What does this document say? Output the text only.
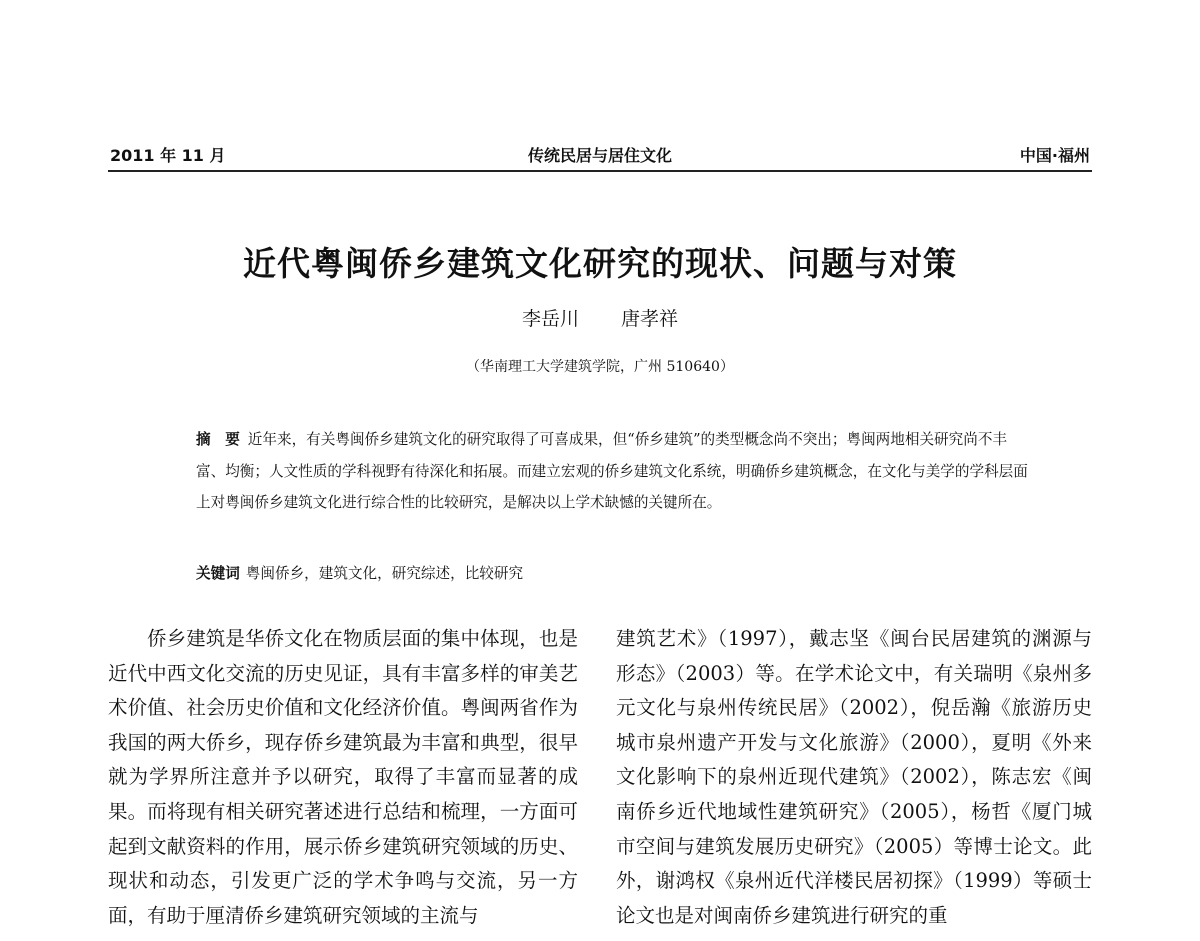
2011 年 11 月	传统民居与居住文化	中国·福州
近代粤闽侨乡建筑文化研究的现状、问题与对策
李岳川 唐孝祥
（华南理工大学建筑学院，广州 510640）
摘　要 近年来，有关粤闽侨乡建筑文化的研究取得了可喜成果，但“侨乡建筑”的类型概念尚不突出；粤闽两地相关研究尚不丰富、均衡；人文性质的学科视野有待深化和拓展。而建立宏观的侨乡建筑文化系统，明确侨乡建筑概念，在文化与美学的学科层面上对粤闽侨乡建筑文化进行综合性的比较研究，是解决以上学术缺憾的关键所在。
关键词 粤闽侨乡，建筑文化，研究综述，比较研究
侨乡建筑是华侨文化在物质层面的集中体现，也是近代中西文化交流的历史见证，具有丰富多样的审美艺术价值、社会历史价值和文化经济价值。粤闽两省作为我国的两大侨乡，现存侨乡建筑最为丰富和典型，很早就为学界所注意并予以研究，取得了丰富而显著的成果。而将现有相关研究著述进行总结和梳理，一方面可起到文献资料的作用，展示侨乡建筑研究领域的历史、现状和动态，引发更广泛的学术争鸣与交流，另一方面，有助于厘清侨乡建筑研究领域的主流与
建筑艺术》（1997），戴志坚《闽台民居建筑的渊源与形态》（2003）等。在学术论文中，有关瑞明《泉州多元文化与泉州传统民居》（2002），倪岳瀚《旅游历史城市泉州遗产开发与文化旅游》（2000），夏明《外来文化影响下的泉州近现代建筑》（2002），陈志宏《闽南侨乡近代地域性建筑研究》（2005），杨哲《厦门城市空间与建筑发展历史研究》（2005）等博士论文。此外，谢鸿权《泉州近代洋楼民居初探》（1999）等硕士论文也是对闽南侨乡建筑进行研究的重
